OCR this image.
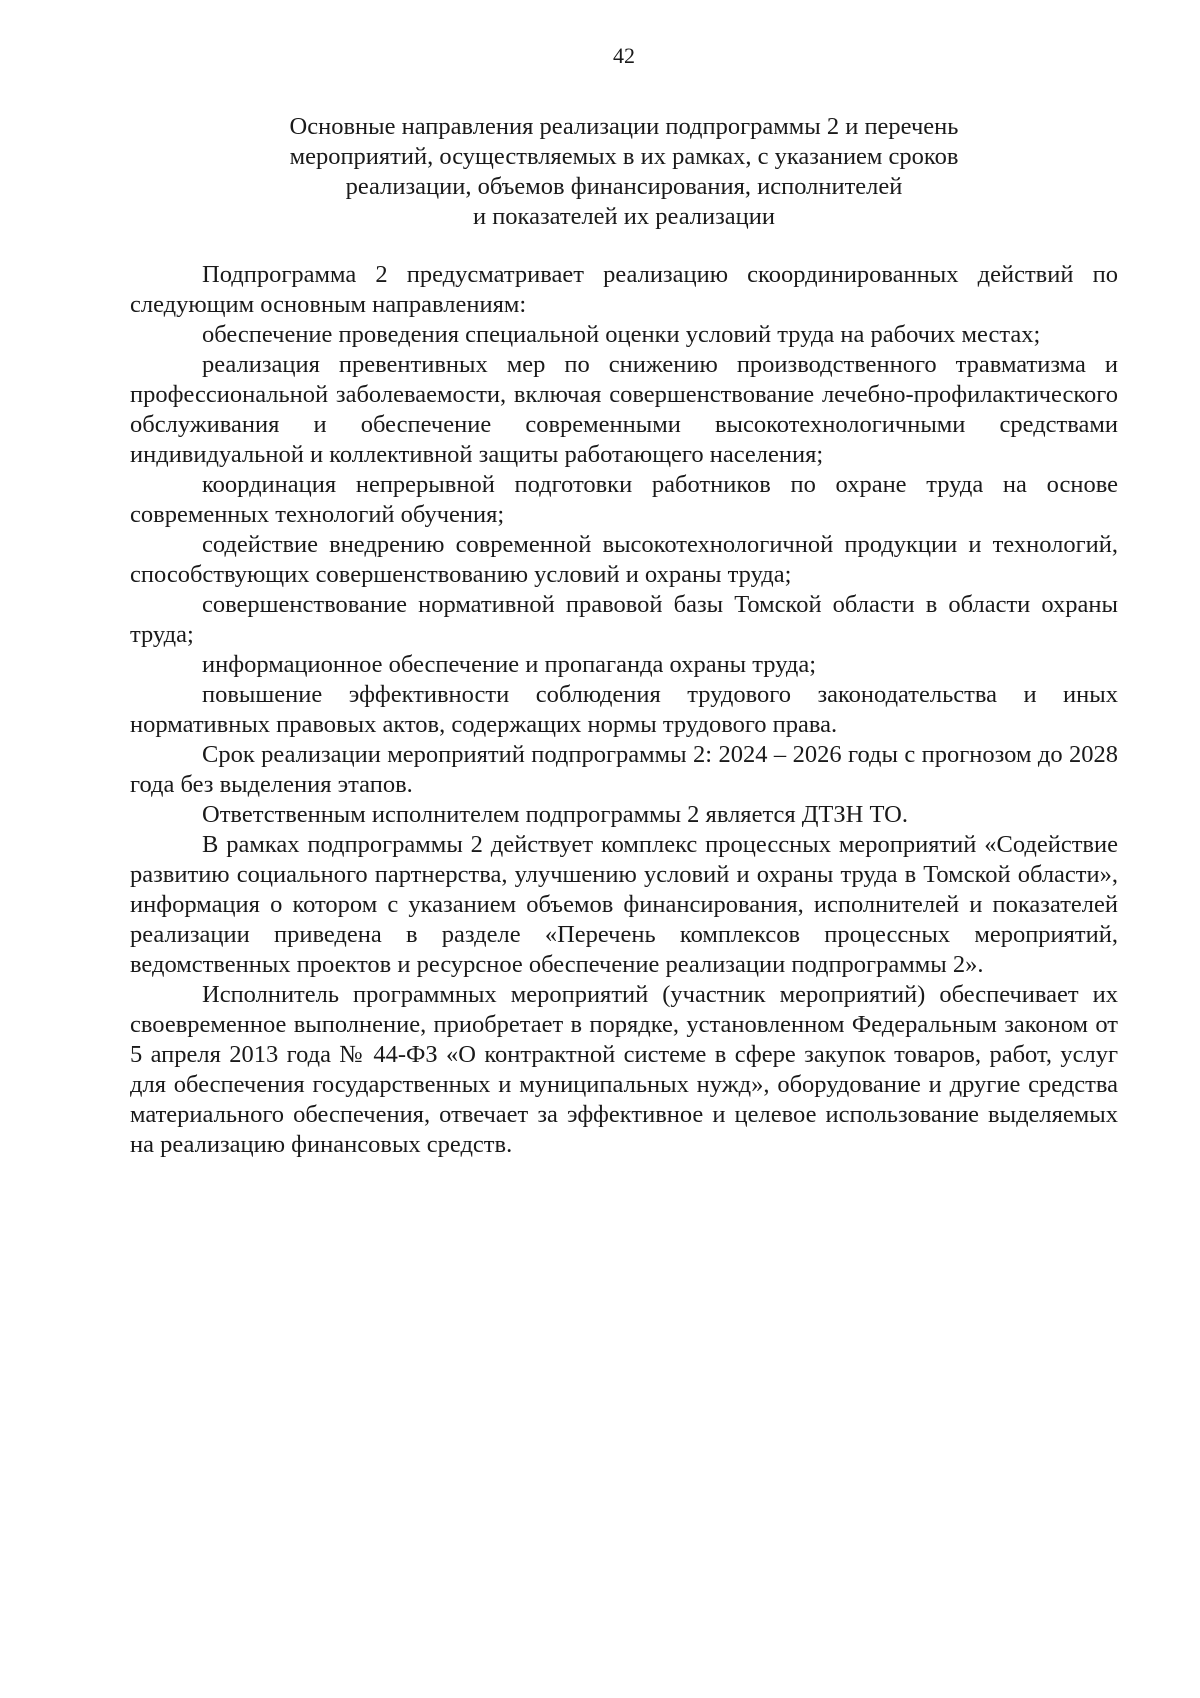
42
Основные направления реализации подпрограммы 2 и перечень
мероприятий, осуществляемых в их рамках, с указанием сроков
реализации, объемов финансирования, исполнителей
и показателей их реализации

Подпрограмма 2 предусматривает реализацию скоординированных действий по следующим основным направлениям:

обеспечение проведения специальной оценки условий труда на рабочих местах;

реализация превентивных мер по снижению производственного травматизма и профессиональной заболеваемости, включая совершенствование лечебно-профилактического обслуживания и обеспечение современными высокотехнологичными средствами индивидуальной и коллективной защиты работающего населения;

координация непрерывной подготовки работников по охране труда на основе современных технологий обучения;

содействие внедрению современной высокотехнологичной продукции и технологий, способствующих совершенствованию условий и охраны труда;

совершенствование нормативной правовой базы Томской области в области охраны труда;

информационное обеспечение и пропаганда охраны труда;

повышение эффективности соблюдения трудового законодательства и иных нормативных правовых актов, содержащих нормы трудового права.

Срок реализации мероприятий подпрограммы 2: 2024 – 2026 годы с прогнозом до 2028 года без выделения этапов.

Ответственным исполнителем подпрограммы 2 является ДТЗН ТО.

В рамках подпрограммы 2 действует комплекс процессных мероприятий «Содействие развитию социального партнерства, улучшению условий и охраны труда в Томской области», информация о котором с указанием объемов финансирования, исполнителей и показателей реализации приведена в разделе «Перечень комплексов процессных мероприятий, ведомственных проектов и ресурсное обеспечение реализации подпрограммы 2».

Исполнитель программных мероприятий (участник мероприятий) обеспечивает их своевременное выполнение, приобретает в порядке, установленном Федеральным законом от 5 апреля 2013 года № 44-ФЗ «О контрактной системе в сфере закупок товаров, работ, услуг для обеспечения государственных и муниципальных нужд», оборудование и другие средства материального обеспечения, отвечает за эффективное и целевое использование выделяемых на реализацию финансовых средств.
